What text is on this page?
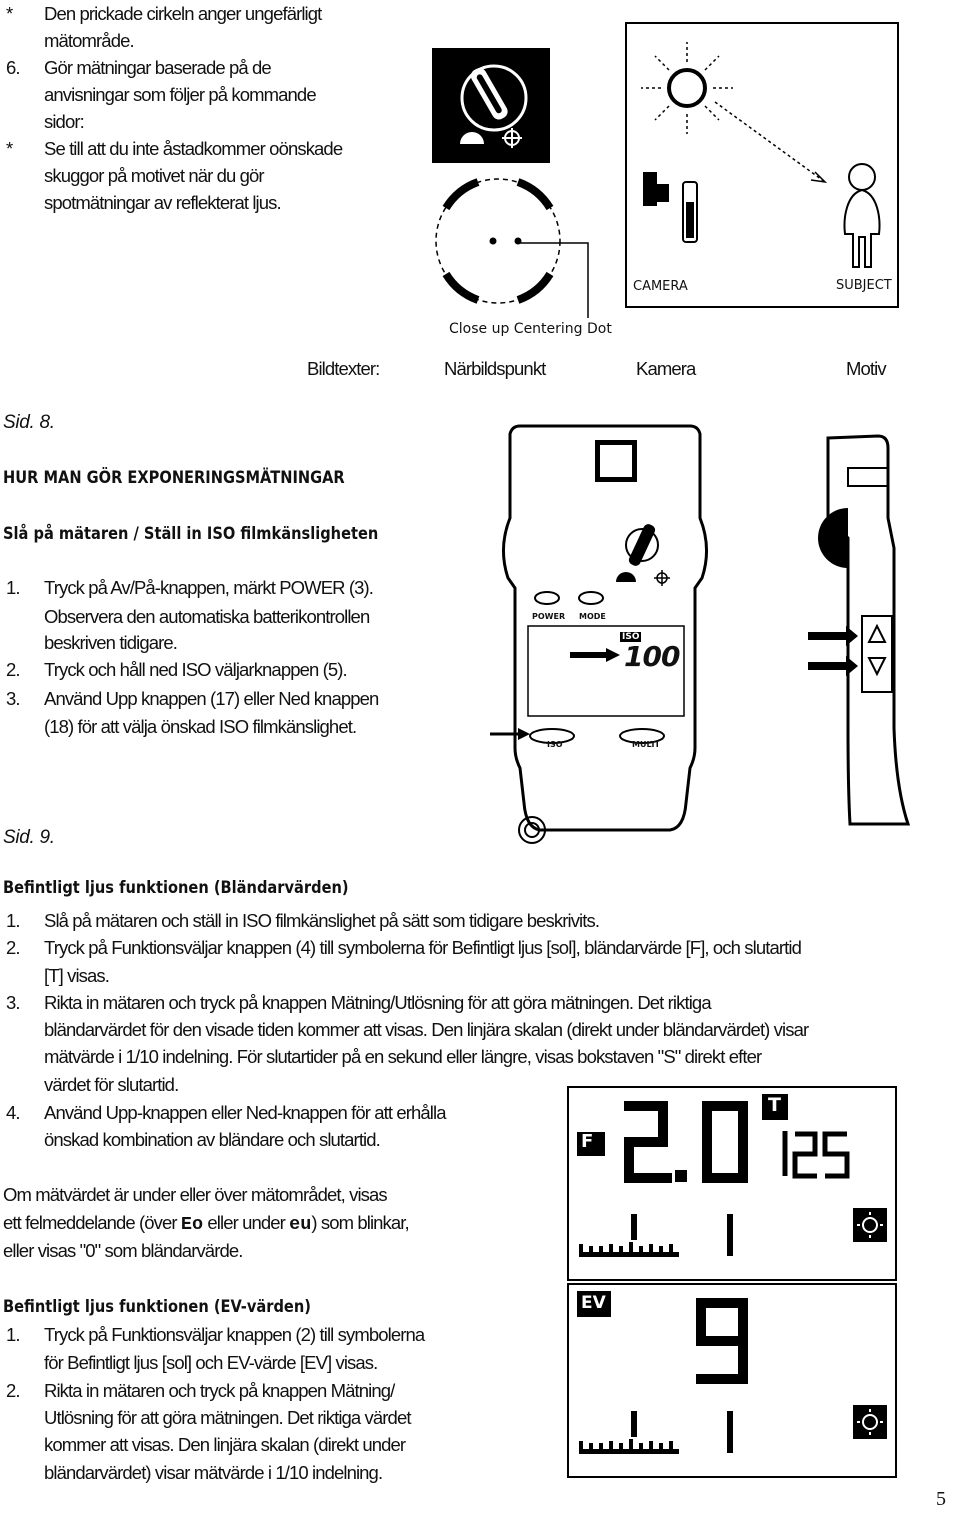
* Den prickade cirkeln anger ungefärligt
mätområde.
6. Gör mätningar baserade på de
anvisningar som följer på kommande
sidor:
* Se till att du inte åstadkommer oönskade
skuggor på motivet när du gör
spotmätningar av reflekterat ljus.
CAMERA	SUBJECT
Close up Centering Dot
Bildtexter:	Närbildspunkt	Kamera	Motiv
Sid. 8.
HUR MAN GÖR EXPONERINGSMÄTNINGAR
Slå på mätaren / Ställ in ISO filmkänsligheten
1. Tryck på Av/På-knappen, märkt POWER (3).
Observera den automatiska batterikontrollen
beskriven tidigare.
2. Tryck och håll ned ISO väljarknappen (5).
3. Använd Upp knappen (17) eller Ned knappen
(18) för att välja önskad ISO filmkänslighet.
POWER MODE
ISO
100
ISO	MULTI
Sid. 9.
Befintligt ljus funktionen (Bländarvärden)
1. Slå på mätaren och ställ in ISO filmkänslighet på sätt som tidigare beskrivits.
2. Tryck på Funktionsväljar knappen (4) till symbolerna för Befintligt ljus [sol], bländarvärde [F], och slutartid
[T] visas.
3. Rikta in mätaren och tryck på knappen Mätning/Utlösning för att göra mätningen. Det riktiga
bländarvärdet för den visade tiden kommer att visas. Den linjära skalan (direkt under bländarvärdet) visar
mätvärde i 1/10 indelning. För slutartider på en sekund eller längre, visas bokstaven "S" direkt efter
värdet för slutartid.
4. Använd Upp-knappen eller Ned-knappen för att erhålla
önskad kombination av bländare och slutartid.
Om mätvärdet är under eller över mätområdet, visas
ett felmeddelande (över Eo eller under eu) som blinkar,
eller visas "0" som bländarvärde.
F
T
Befintligt ljus funktionen (EV-värden)
1. Tryck på Funktionsväljar knappen (2) till symbolerna
för Befintligt ljus [sol] och EV-värde [EV] visas.
2. Rikta in mätaren och tryck på knappen Mätning/
Utlösning för att göra mätningen. Det riktiga värdet
kommer att visas. Den linjära skalan (direkt under
bländarvärdet) visar mätvärde i 1/10 indelning.
EV
5
